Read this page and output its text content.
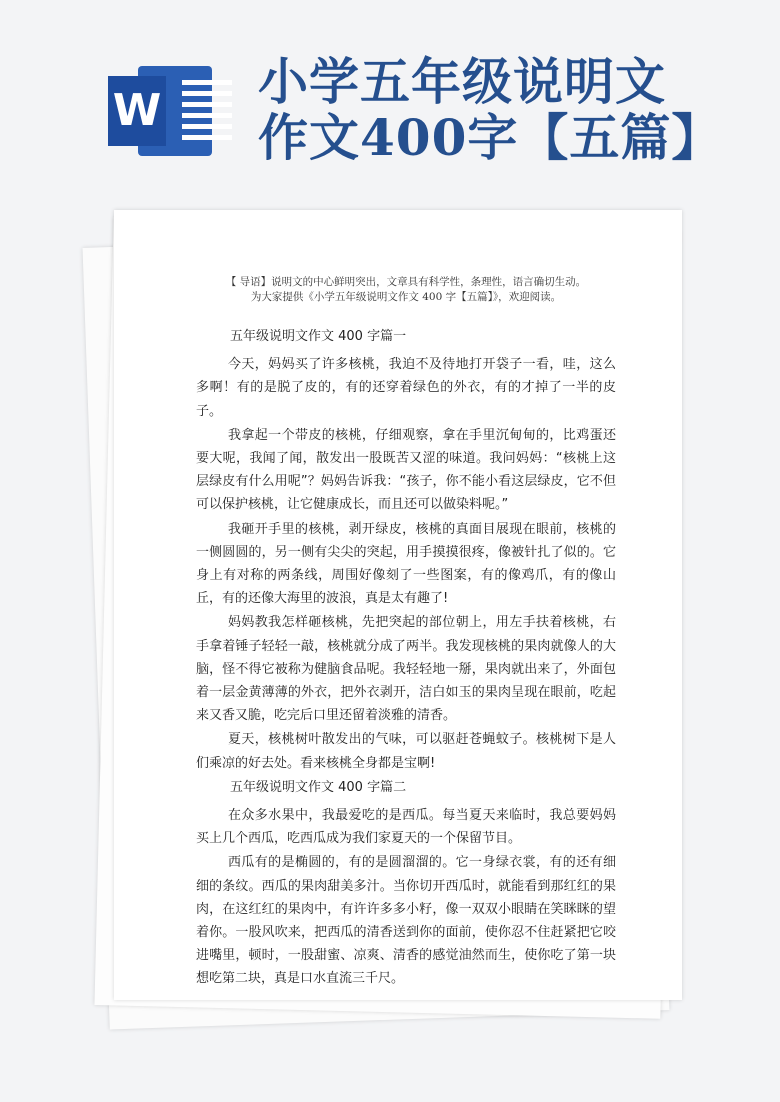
W 小学五年级说明文
作文400字【五篇】
【 导语】说明文的中心鲜明突出，文章具有科学性，条理性，语言确切生动。
为大家提供《小学五年级说明文作文 400 字【五篇】》，欢迎阅读。

五年级说明文作文 400 字篇一

今天，妈妈买了许多核桃，我迫不及待地打开袋子一看，哇，这么多啊！有的是脱了皮的，有的还穿着绿色的外衣，有的才掉了一半的皮子。

我拿起一个带皮的核桃，仔细观察，拿在手里沉甸甸的，比鸡蛋还要大呢，我闻了闻，散发出一股既苦又涩的味道。我问妈妈：“核桃上这层绿皮有什么用呢”？妈妈告诉我：“孩子，你不能小看这层绿皮，它不但可以保护核桃，让它健康成长，而且还可以做染料呢。”

我砸开手里的核桃，剥开绿皮，核桃的真面目展现在眼前，核桃的一侧圆圆的，另一侧有尖尖的突起，用手摸摸很疼，像被针扎了似的。它身上有对称的两条线，周围好像刻了一些图案，有的像鸡爪，有的像山丘，有的还像大海里的波浪，真是太有趣了!

妈妈教我怎样砸核桃，先把突起的部位朝上，用左手扶着核桃，右手拿着锤子轻轻一敲，核桃就分成了两半。我发现核桃的果肉就像人的大脑，怪不得它被称为健脑食品呢。我轻轻地一掰，果肉就出来了，外面包着一层金黄薄薄的外衣，把外衣剥开，洁白如玉的果肉呈现在眼前，吃起来又香又脆，吃完后口里还留着淡雅的清香。

夏天，核桃树叶散发出的气味，可以驱赶苍蝇蚊子。核桃树下是人们乘凉的好去处。看来核桃全身都是宝啊!

五年级说明文作文 400 字篇二

在众多水果中，我最爱吃的是西瓜。每当夏天来临时，我总要妈妈买上几个西瓜，吃西瓜成为我们家夏天的一个保留节目。

西瓜有的是椭圆的，有的是圆溜溜的。它一身绿衣裳，有的还有细细的条纹。西瓜的果肉甜美多汁。当你切开西瓜时，就能看到那红红的果肉，在这红红的果肉中，有许许多多小籽，像一双双小眼睛在笑眯眯的望着你。一股风吹来，把西瓜的清香送到你的面前，使你忍不住赶紧把它咬进嘴里，顿时，一股甜蜜、凉爽、清香的感觉油然而生，使你吃了第一块想吃第二块，真是口水直流三千尺。
